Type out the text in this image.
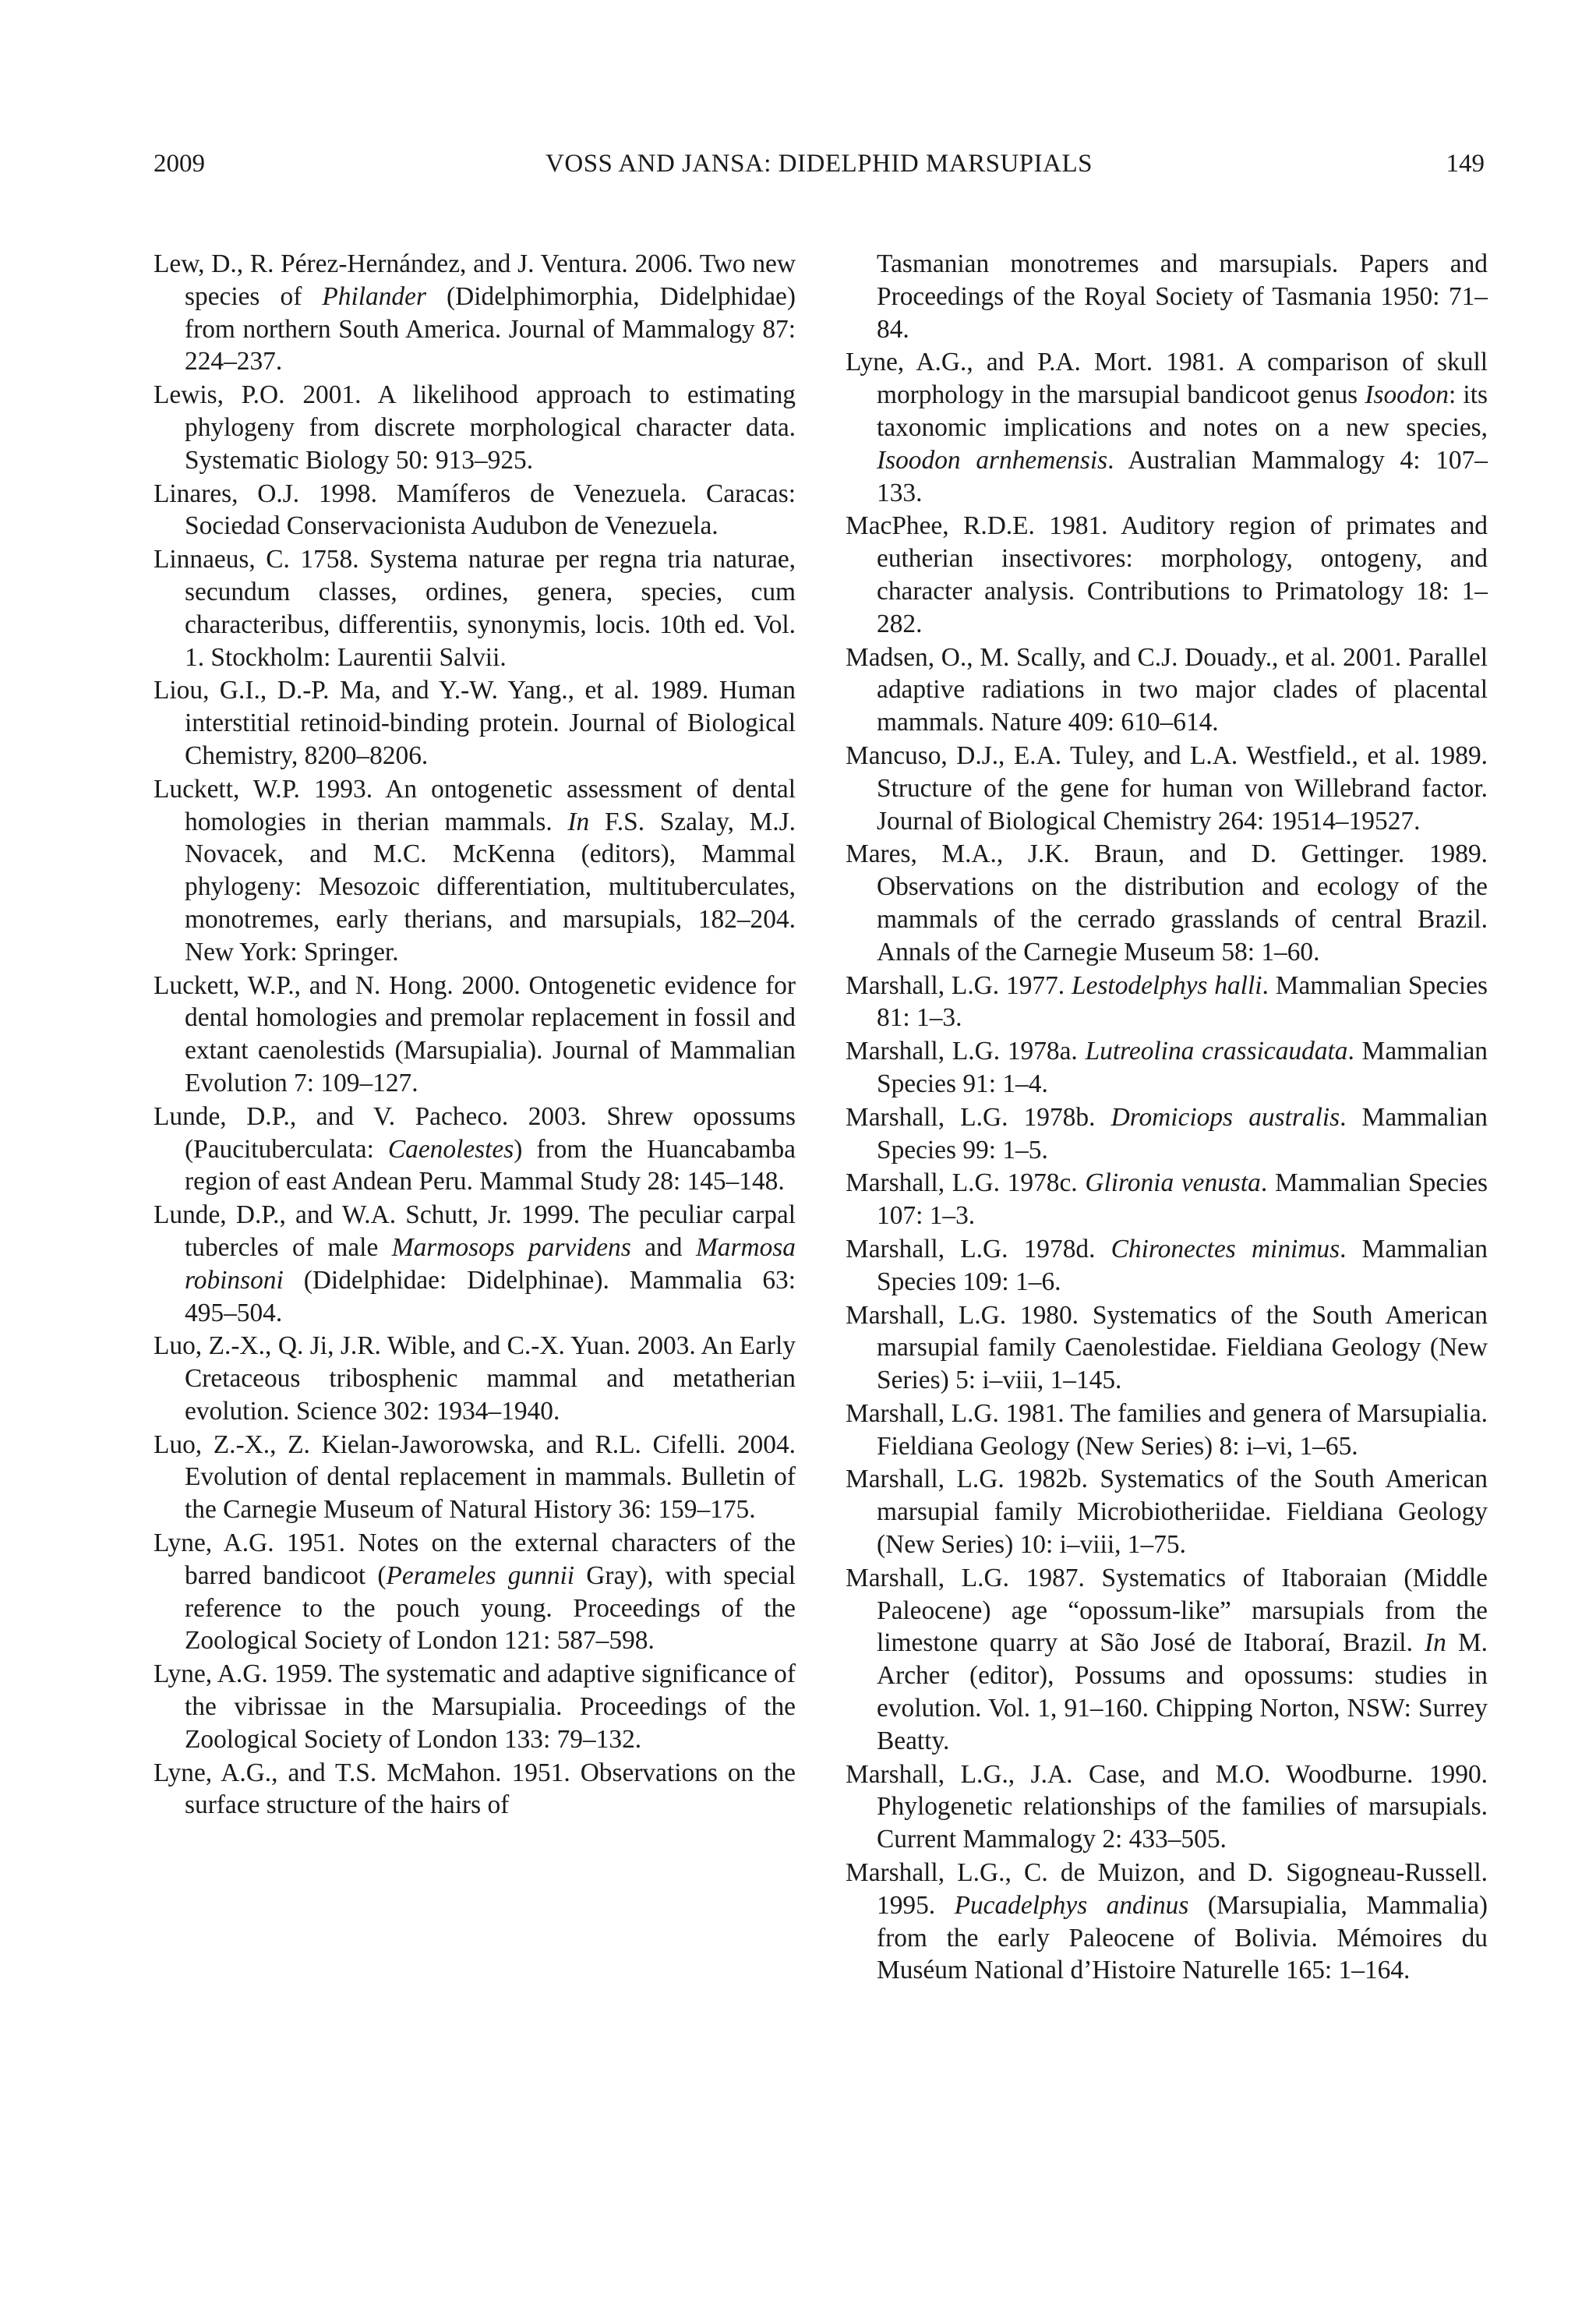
2009	VOSS AND JANSA: DIDELPHID MARSUPIALS	149

Lew, D., R. Pérez-Hernández, and J. Ventura. 2006. Two new species of Philander (Didelphimorphia, Didelphidae) from northern South America. Journal of Mammalogy 87: 224–237.

Lewis, P.O. 2001. A likelihood approach to estimating phylogeny from discrete morphological character data. Systematic Biology 50: 913–925.

Linares, O.J. 1998. Mamíferos de Venezuela. Caracas: Sociedad Conservacionista Audubon de Venezuela.

Linnaeus, C. 1758. Systema naturae per regna tria naturae, secundum classes, ordines, genera, species, cum characteribus, differentiis, synonymis, locis. 10th ed. Vol. 1. Stockholm: Laurentii Salvii.

Liou, G.I., D.-P. Ma, and Y.-W. Yang., et al. 1989. Human interstitial retinoid-binding protein. Journal of Biological Chemistry, 8200–8206.

Luckett, W.P. 1993. An ontogenetic assessment of dental homologies in therian mammals. In F.S. Szalay, M.J. Novacek, and M.C. McKenna (editors), Mammal phylogeny: Mesozoic differentiation, multituberculates, monotremes, early therians, and marsupials, 182–204. New York: Springer.

Luckett, W.P., and N. Hong. 2000. Ontogenetic evidence for dental homologies and premolar replacement in fossil and extant caenolestids (Marsupialia). Journal of Mammalian Evolution 7: 109–127.

Lunde, D.P., and V. Pacheco. 2003. Shrew opossums (Paucituberculata: Caenolestes) from the Huancabamba region of east Andean Peru. Mammal Study 28: 145–148.

Lunde, D.P., and W.A. Schutt, Jr. 1999. The peculiar carpal tubercles of male Marmosops parvidens and Marmosa robinsoni (Didelphidae: Didelphinae). Mammalia 63: 495–504.

Luo, Z.-X., Q. Ji, J.R. Wible, and C.-X. Yuan. 2003. An Early Cretaceous tribosphenic mammal and metatherian evolution. Science 302: 1934–1940.

Luo, Z.-X., Z. Kielan-Jaworowska, and R.L. Cifelli. 2004. Evolution of dental replacement in mammals. Bulletin of the Carnegie Museum of Natural History 36: 159–175.

Lyne, A.G. 1951. Notes on the external characters of the barred bandicoot (Perameles gunnii Gray), with special reference to the pouch young. Proceedings of the Zoological Society of London 121: 587–598.

Lyne, A.G. 1959. The systematic and adaptive significance of the vibrissae in the Marsupialia. Proceedings of the Zoological Society of London 133: 79–132.

Lyne, A.G., and T.S. McMahon. 1951. Observations on the surface structure of the hairs of

Tasmanian monotremes and marsupials. Papers and Proceedings of the Royal Society of Tasmania 1950: 71–84.

Lyne, A.G., and P.A. Mort. 1981. A comparison of skull morphology in the marsupial bandicoot genus Isoodon: its taxonomic implications and notes on a new species, Isoodon arnhemensis. Australian Mammalogy 4: 107–133.

MacPhee, R.D.E. 1981. Auditory region of primates and eutherian insectivores: morphology, ontogeny, and character analysis. Contributions to Primatology 18: 1–282.

Madsen, O., M. Scally, and C.J. Douady., et al. 2001. Parallel adaptive radiations in two major clades of placental mammals. Nature 409: 610–614.

Mancuso, D.J., E.A. Tuley, and L.A. Westfield., et al. 1989. Structure of the gene for human von Willebrand factor. Journal of Biological Chemistry 264: 19514–19527.

Mares, M.A., J.K. Braun, and D. Gettinger. 1989. Observations on the distribution and ecology of the mammals of the cerrado grasslands of central Brazil. Annals of the Carnegie Museum 58: 1–60.

Marshall, L.G. 1977. Lestodelphys halli. Mammalian Species 81: 1–3.

Marshall, L.G. 1978a. Lutreolina crassicaudata. Mammalian Species 91: 1–4.

Marshall, L.G. 1978b. Dromiciops australis. Mammalian Species 99: 1–5.

Marshall, L.G. 1978c. Glironia venusta. Mammalian Species 107: 1–3.

Marshall, L.G. 1978d. Chironectes minimus. Mammalian Species 109: 1–6.

Marshall, L.G. 1980. Systematics of the South American marsupial family Caenolestidae. Fieldiana Geology (New Series) 5: i–viii, 1–145.

Marshall, L.G. 1981. The families and genera of Marsupialia. Fieldiana Geology (New Series) 8: i–vi, 1–65.

Marshall, L.G. 1982b. Systematics of the South American marsupial family Microbiotheriidae. Fieldiana Geology (New Series) 10: i–viii, 1–75.

Marshall, L.G. 1987. Systematics of Itaboraian (Middle Paleocene) age “opossum-like” marsupials from the limestone quarry at São José de Itaboraí, Brazil. In M. Archer (editor), Possums and opossums: studies in evolution. Vol. 1, 91–160. Chipping Norton, NSW: Surrey Beatty.

Marshall, L.G., J.A. Case, and M.O. Woodburne. 1990. Phylogenetic relationships of the families of marsupials. Current Mammalogy 2: 433–505.

Marshall, L.G., C. de Muizon, and D. Sigogneau-Russell. 1995. Pucadelphys andinus (Marsupialia, Mammalia) from the early Paleocene of Bolivia. Mémoires du Muséum National d’Histoire Naturelle 165: 1–164.
